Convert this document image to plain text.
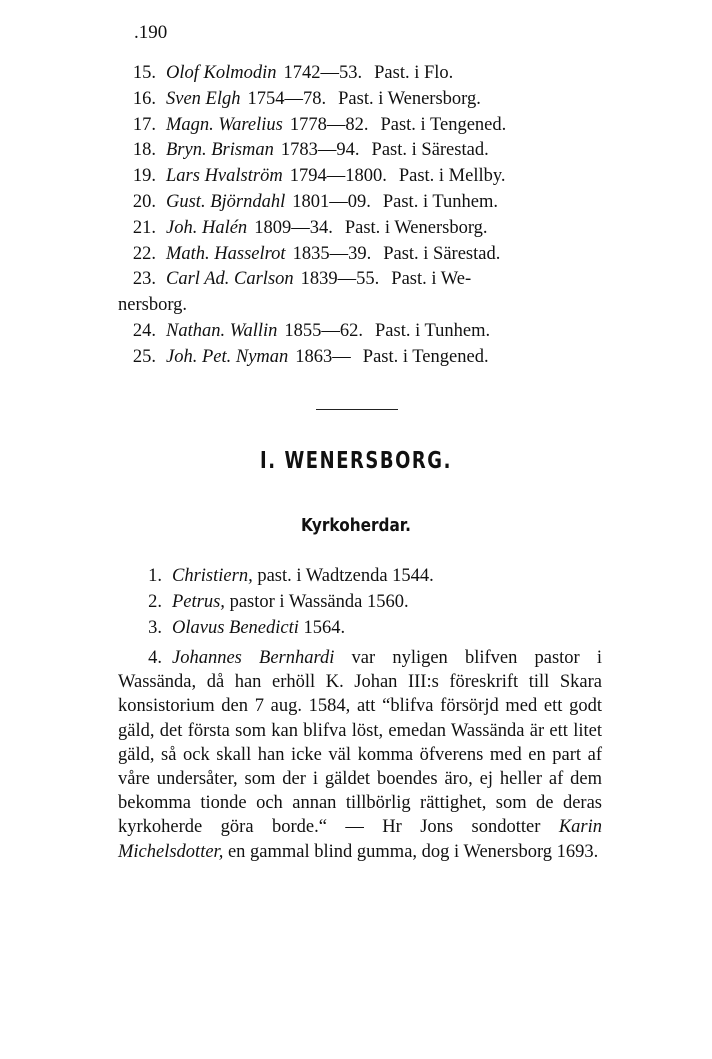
.190
15. Olof Kolmodin 1742—53. Past. i Flo.
16. Sven Elgh 1754—78. Past. i Wenersborg.
17. Magn. Warelius 1778—82. Past. i Tengened.
18. Bryn. Brisman 1783—94. Past. i Särestad.
19. Lars Hvalström 1794—1800. Past. i Mellby.
20. Gust. Björndahl 1801—09. Past. i Tunhem.
21. Joh. Halén 1809—34. Past. i Wenersborg.
22. Math. Hasselrot 1835—39. Past. i Särestad.
23. Carl Ad. Carlson 1839—55. Past. i We-
nersborg.
24. Nathan. Wallin 1855—62. Past. i Tunhem.
25. Joh. Pet. Nyman 1863— Past. i Tengened.
I. WENERSBORG.
Kyrkoherdar.
1. Christiern, past. i Wadtzenda 1544.
2. Petrus, pastor i Wassända 1560.
3. Olavus Benedicti 1564.
4. Johannes Bernhardi var nyligen blifven pastor i Wassända, då han erhöll K. Johan III:s föreskrift till Skara konsistorium den 7 aug. 1584, att “blifva försörjd med ett godt gäld, det första som kan blifva löst, emedan Wassända är ett litet gäld, så ock skall han icke väl komma öfverens med en part af våre undersåter, som der i gäldet boendes äro, ej heller af dem bekomma tionde och annan tillbörlig rättighet, som de deras kyrkoherde göra borde.“ — Hr Jons sondotter Karin Michelsdotter, en gammal blind gumma, dog i Wenersborg 1693.
